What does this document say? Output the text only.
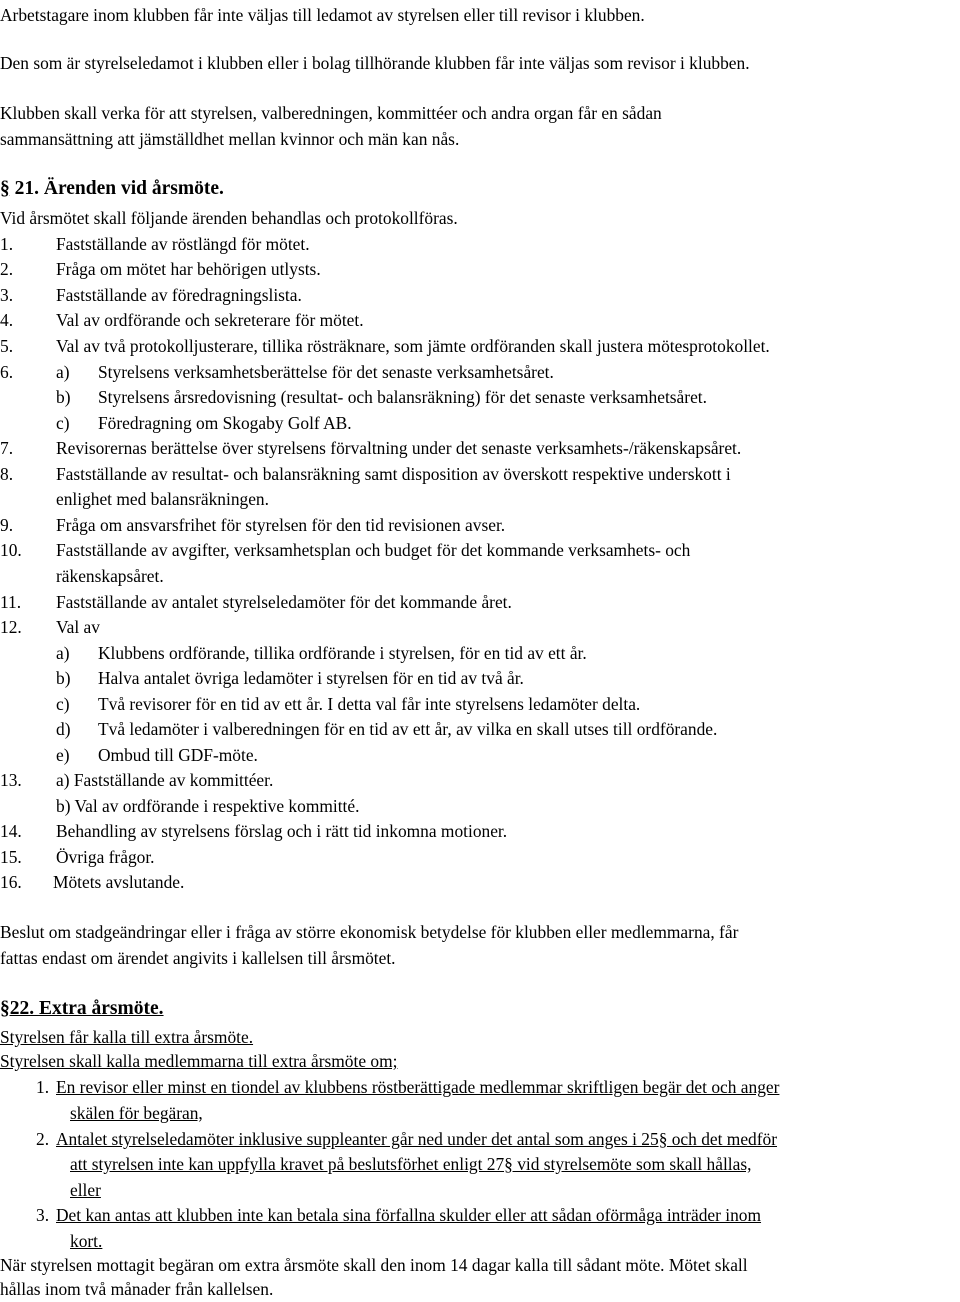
Arbetstagare inom klubben får inte väljas till ledamot av styrelsen eller till revisor i klubben.

Den som är styrelseledamot i klubben eller i bolag tillhörande klubben får inte väljas som revisor i klubben.

Klubben skall verka för att styrelsen, valberedningen, kommittéer och andra organ får en sådan

sammansättning att jämställdhet mellan kvinnor och män kan nås.

§ 21. Ärenden vid årsmöte.

Vid årsmötet skall följande ärenden behandlas och protokollföras.

1. Fastställande av röstlängd för mötet.
2. Fråga om mötet har behörigen utlysts.
3. Fastställande av föredragningslista.
4. Val av ordförande och sekreterare för mötet.
5. Val av två protokolljusterare, tillika rösträknare, som jämte ordföranden skall justera mötesprotokollet.
6. a) Styrelsens verksamhetsberättelse för det senaste verksamhetsåret.
b) Styrelsens årsredovisning (resultat- och balansräkning) för det senaste verksamhetsåret.
c) Föredragning om Skogaby Golf AB.
7. Revisorernas berättelse över styrelsens förvaltning under det senaste verksamhets-/räkenskapsåret.
8. Fastställande av resultat- och balansräkning samt disposition av överskott respektive underskott i
enlighet med balansräkningen.
9. Fråga om ansvarsfrihet för styrelsen för den tid revisionen avser.
10. Fastställande av avgifter, verksamhetsplan och budget för det kommande verksamhets- och
räkenskapsåret.
11. Fastställande av antalet styrelseledamöter för det kommande året.
12. Val av
a) Klubbens ordförande, tillika ordförande i styrelsen, för en tid av ett år.
b) Halva antalet övriga ledamöter i styrelsen för en tid av två år.
c) Två revisorer för en tid av ett år. I detta val får inte styrelsens ledamöter delta.
d) Två ledamöter i valberedningen för en tid av ett år, av vilka en skall utses till ordförande.
e) Ombud till GDF-möte.
13. a) Fastställande av kommittéer.
b) Val av ordförande i respektive kommitté.
14. Behandling av styrelsens förslag och i rätt tid inkomna motioner.
15. Övriga frågor.
16. Mötets avslutande.

Beslut om stadgeändringar eller i fråga av större ekonomisk betydelse för klubben eller medlemmarna, får

fattas endast om ärendet angivits i kallelsen till årsmötet.

§22. Extra årsmöte.

Styrelsen får kalla till extra årsmöte.

Styrelsen skall kalla medlemmarna till extra årsmöte om;

1. En revisor eller minst en tiondel av klubbens röstberättigade medlemmar skriftligen begär det och anger
skälen för begäran,
2. Antalet styrelseledamöter inklusive suppleanter går ned under det antal som anges i 25§ och det medför
att styrelsen inte kan uppfylla kravet på beslutsförhet enligt 27§ vid styrelsemöte som skall hållas,
eller
3. Det kan antas att klubben inte kan betala sina förfallna skulder eller att sådan oförmåga inträder inom
kort.

När styrelsen mottagit begäran om extra årsmöte skall den inom 14 dagar kalla till sådant möte. Mötet skall

hållas inom två månader från kallelsen.
